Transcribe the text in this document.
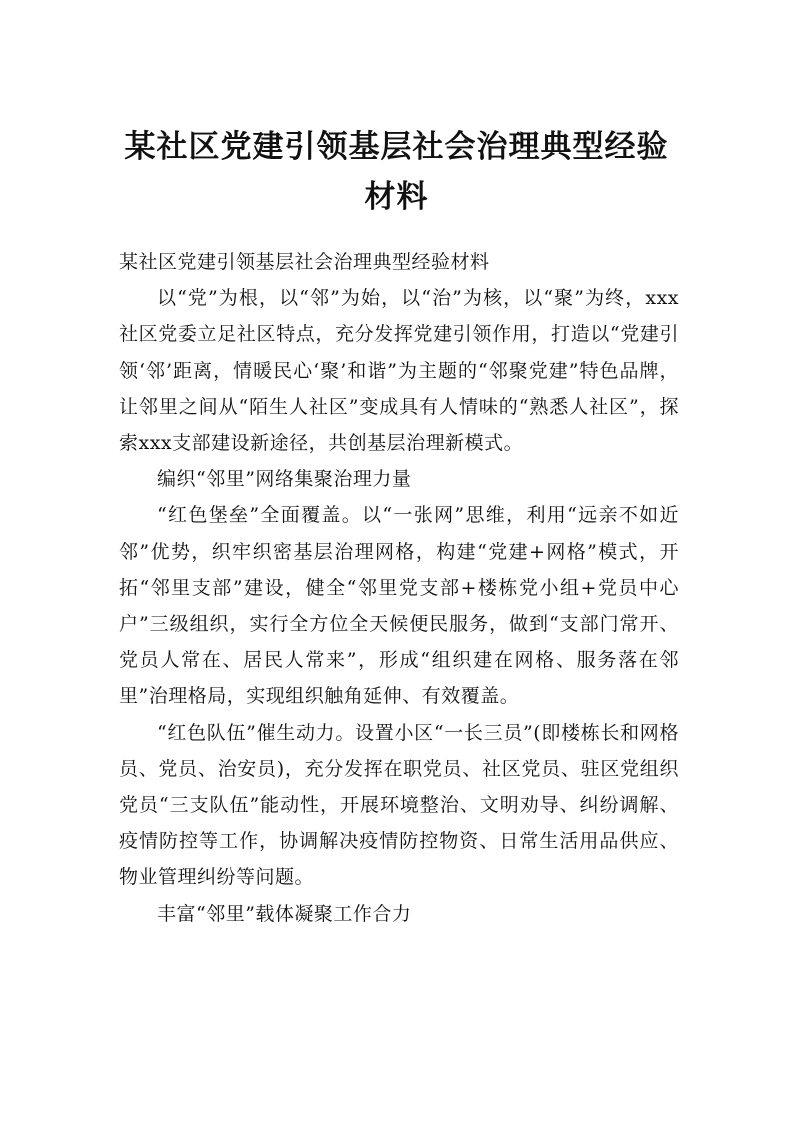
某社区党建引领基层社会治理典型经验材料

某社区党建引领基层社会治理典型经验材料

以“党”为根，以“邻”为始，以“治”为核，以“聚”为终，xxx社区党委立足社区特点，充分发挥党建引领作用，打造以“党建引领‘邻’距离，情暖民心‘聚’和谐”为主题的“邻聚党建”特色品牌，让邻里之间从“陌生人社区”变成具有人情味的“熟悉人社区”，探索xxx支部建设新途径，共创基层治理新模式。

编织“邻里”网络集聚治理力量

“红色堡垒”全面覆盖。以“一张网”思维，利用“远亲不如近邻”优势，织牢织密基层治理网格，构建“党建+网格”模式，开拓“邻里支部”建设，健全“邻里党支部+楼栋党小组+党员中心户”三级组织，实行全方位全天候便民服务，做到“支部门常开、党员人常在、居民人常来”，形成“组织建在网格、服务落在邻里”治理格局，实现组织触角延伸、有效覆盖。

“红色队伍”催生动力。设置小区“一长三员”(即楼栋长和网格员、党员、治安员)，充分发挥在职党员、社区党员、驻区党组织党员“三支队伍”能动性，开展环境整治、文明劝导、纠纷调解、疫情防控等工作，协调解决疫情防控物资、日常生活用品供应、物业管理纠纷等问题。

丰富“邻里”载体凝聚工作合力
